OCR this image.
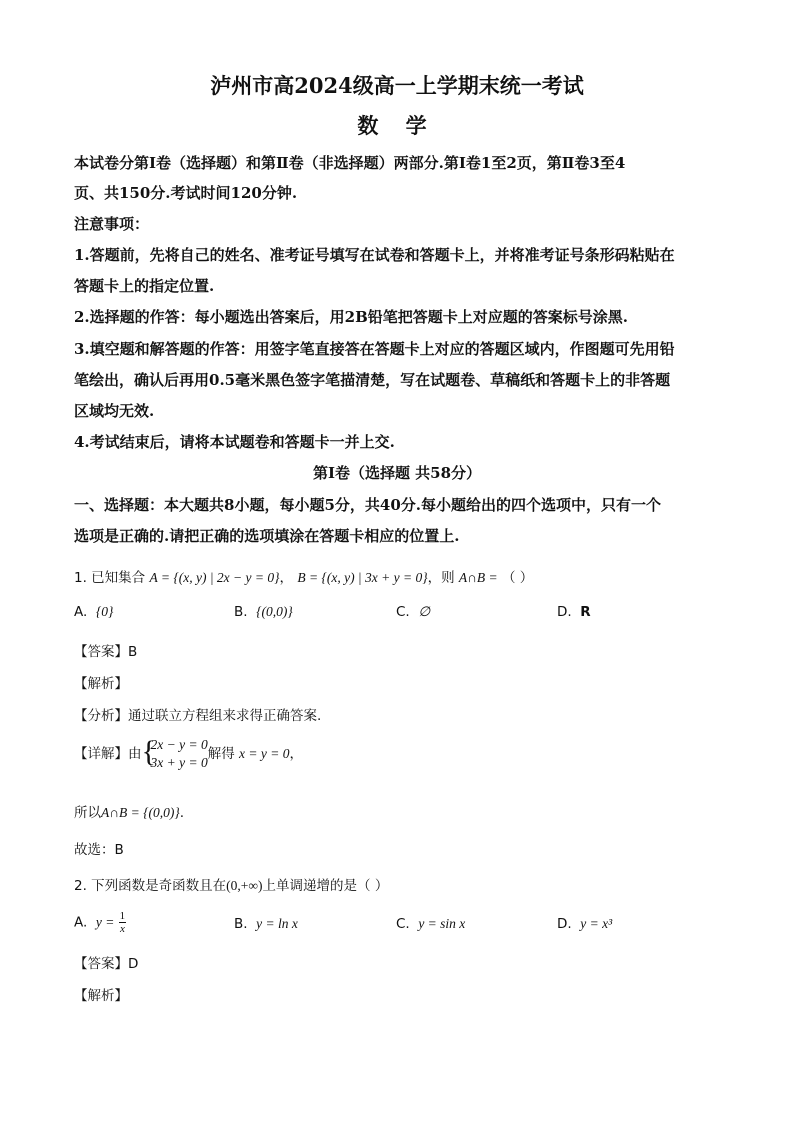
泸州市高2024级高一上学期末统一考试
数 学
本试卷分第Ⅰ卷（选择题）和第Ⅱ卷（非选择题）两部分.第Ⅰ卷1至2页，第Ⅱ卷3至4
页、共150分.考试时间120分钟.
注意事项：
1.答题前，先将自己的姓名、准考证号填写在试卷和答题卡上，并将准考证号条形码粘贴在
答题卡上的指定位置.
2.选择题的作答：每小题选出答案后，用2B铅笔把答题卡上对应题的答案标号涂黑.
3.填空题和解答题的作答：用签字笔直接答在答题卡上对应的答题区域内，作图题可先用铅
笔绘出，确认后再用0.5毫米黑色签字笔描清楚，写在试题卷、草稿纸和答题卡上的非答题
区域均无效.
4.考试结束后，请将本试题卷和答题卡一并上交.
第Ⅰ卷（选择题 共58分）
一、选择题：本大题共8小题，每小题5分，共40分.每小题给出的四个选项中，只有一个
选项是正确的.请把正确的选项填涂在答题卡相应的位置上.
1. 已知集合 A = {(x, y) | 2x − y = 0}， B = {(x, y) | 3x + y = 0}，则 A∩B = （ ）
A. {0}	B. {(0,0)}	C. ∅	D. R
【答案】B
【解析】
【分析】通过联立方程组来求得正确答案.
【详解】由 {
2x − y = 0
3x + y = 0
解得 x = y = 0，
所以A∩B = {(0,0)}.
故选：B
2. 下列函数是奇函数且在(0,+∞)上单调递增的是（ ）
A. $y = \frac{1}{x}$	B. y = ln x	C. y = sin x	D. y = x³
【答案】D
【解析】
